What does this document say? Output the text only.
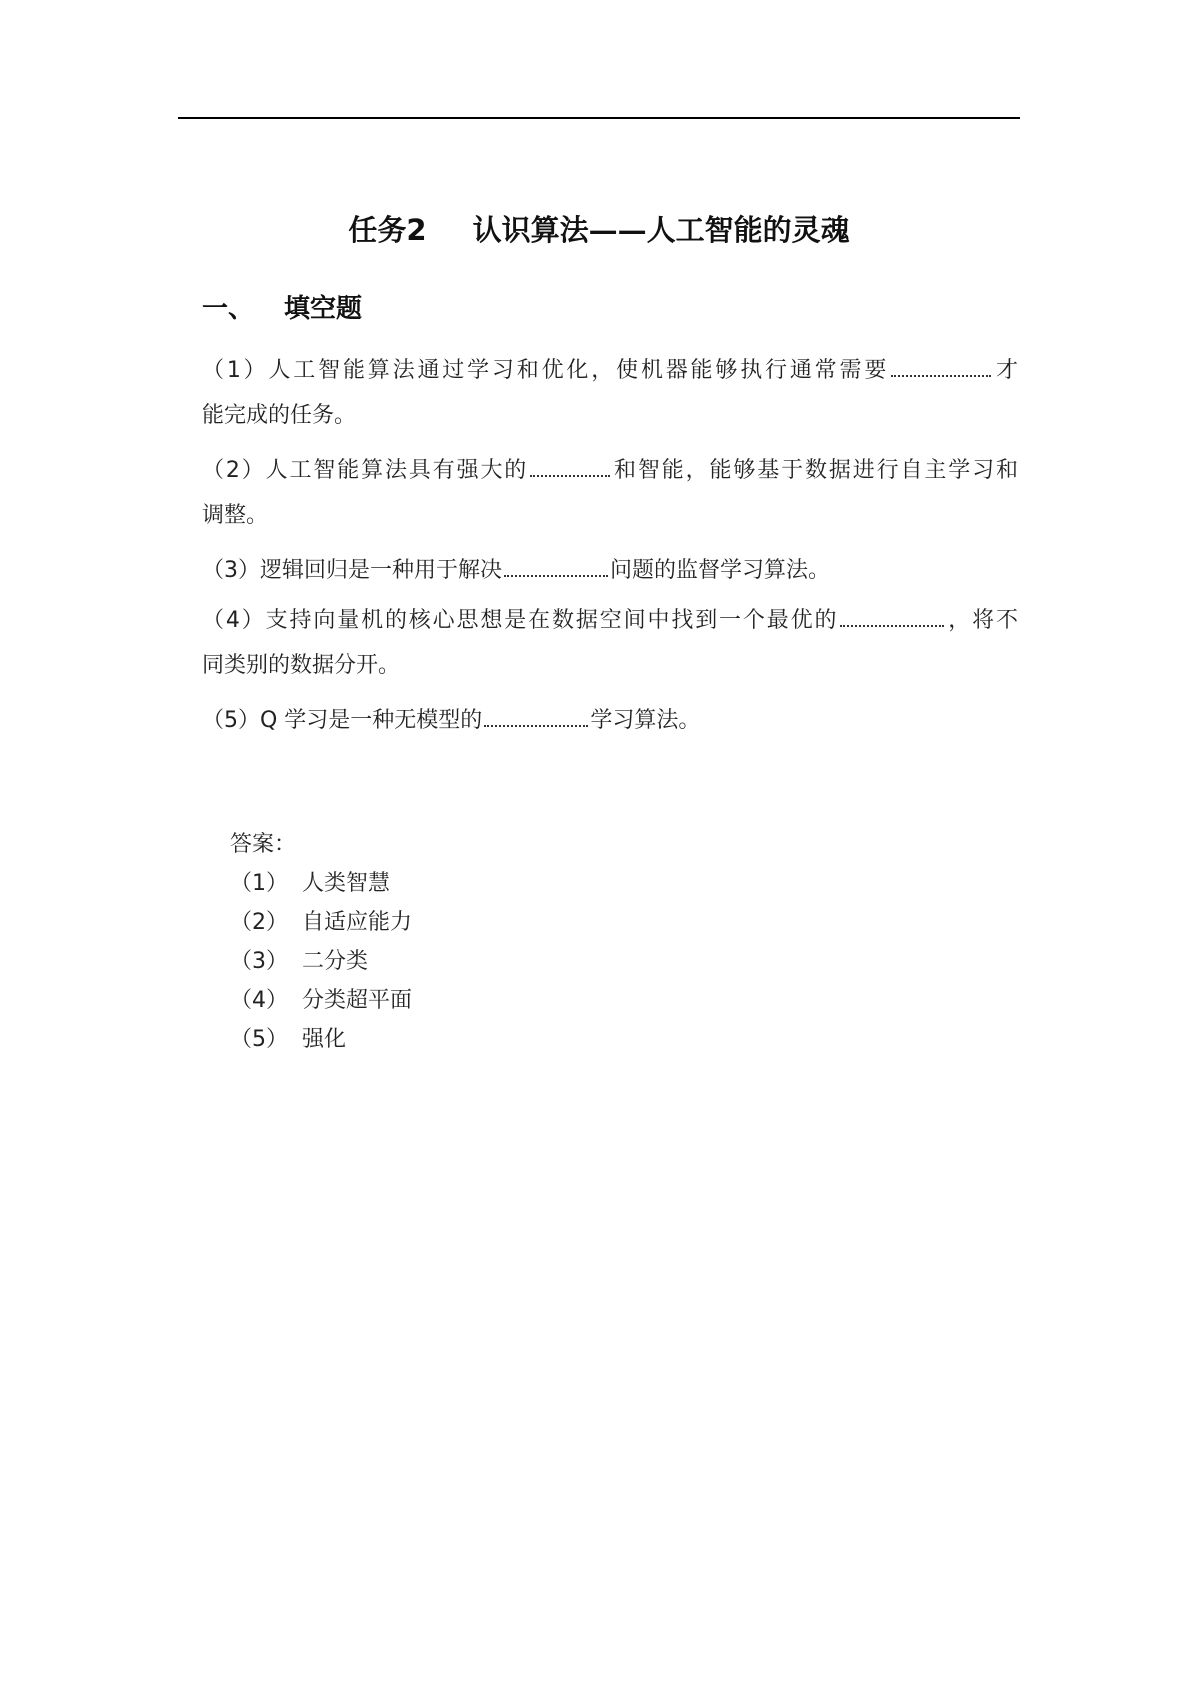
任务2 认识算法——人工智能的灵魂
一、 填空题
（1）人工智能算法通过学习和优化，使机器能够执行通常需要	才
能完成的任务。
（2）人工智能算法具有强大的	和智能，能够基于数据进行自主学习和
调整。
（3）逻辑回归是一种用于解决	问题的监督学习算法。
（4）支持向量机的核心思想是在数据空间中找到一个最优的	，将不
同类别的数据分开。
（5）Q 学习是一种无模型的	学习算法。
答案：
（1） 人类智慧
（2） 自适应能力
（3） 二分类
（4） 分类超平面
（5） 强化
